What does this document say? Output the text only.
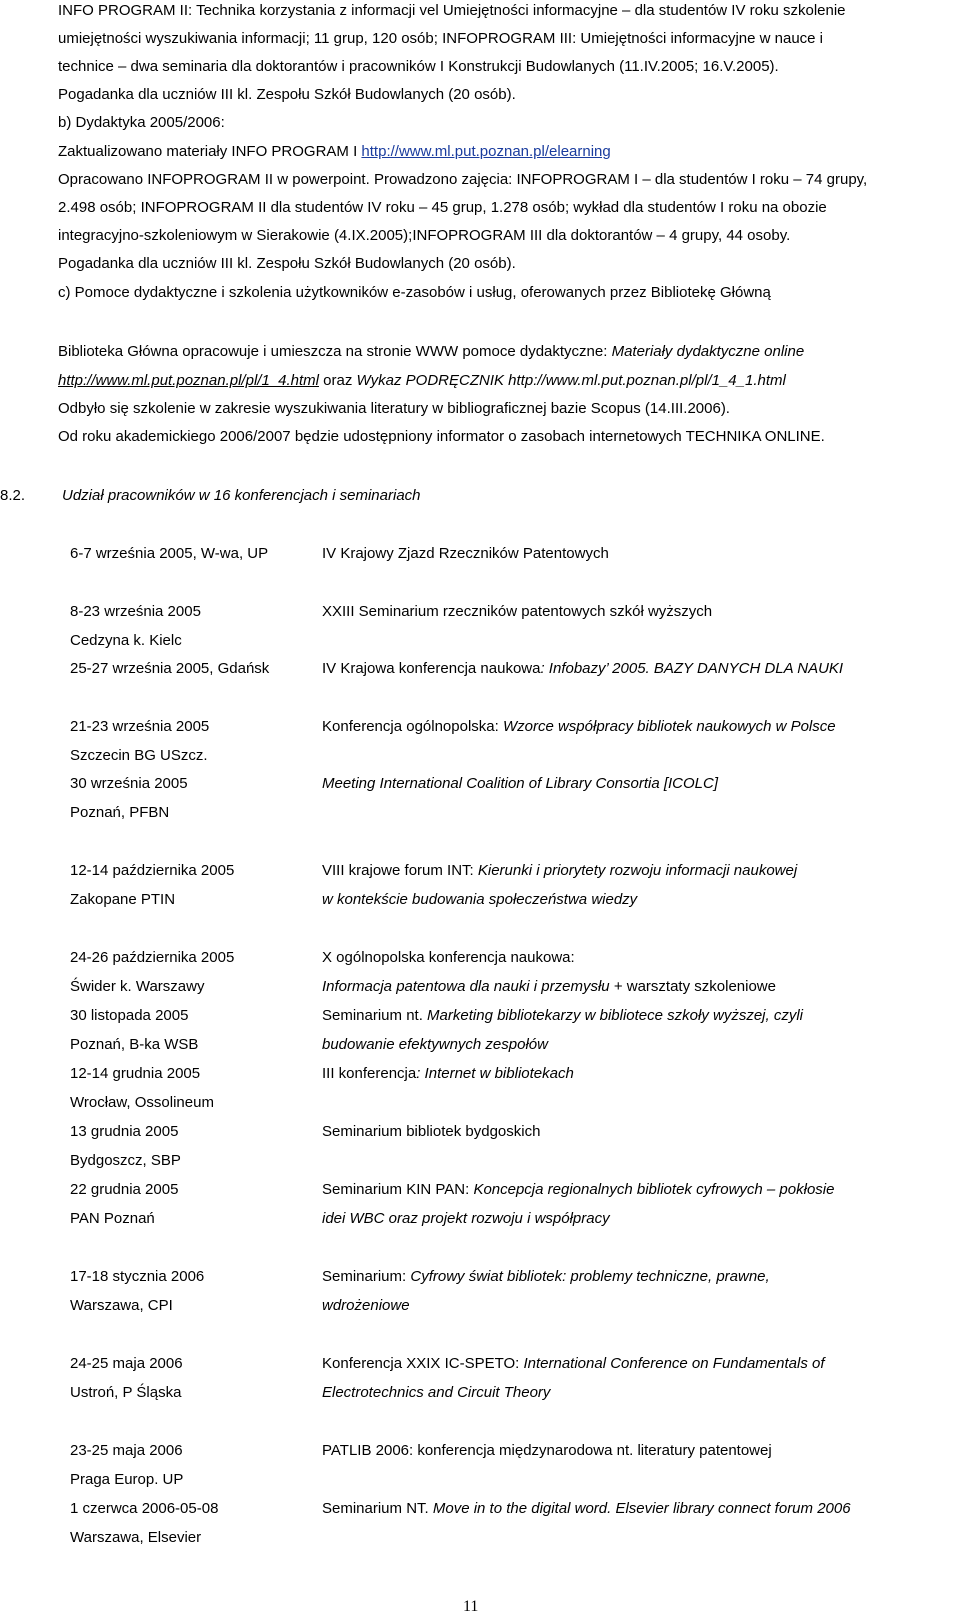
INFO PROGRAM II: Technika korzystania z informacji vel Umiejętności informacyjne – dla studentów IV roku szkolenie
umiejętności wyszukiwania informacji; 11 grup, 120 osób; INFOPROGRAM III: Umiejętności informacyjne w nauce i
technice – dwa seminaria dla doktorantów i pracowników I Konstrukcji Budowlanych (11.IV.2005; 16.V.2005).
Pogadanka dla uczniów III kl. Zespołu Szkół Budowlanych (20 osób).
b) Dydaktyka 2005/2006:
Zaktualizowano materiały INFO PROGRAM I http://www.ml.put.poznan.pl/elearning
Opracowano INFOPROGRAM II w powerpoint. Prowadzono zajęcia: INFOPROGRAM I – dla studentów I roku – 74 grupy,
2.498 osób; INFOPROGRAM II dla studentów IV roku – 45 grup, 1.278 osób; wykład dla studentów I roku na obozie
integracyjno-szkoleniowym w Sierakowie (4.IX.2005);INFOPROGRAM III dla doktorantów – 4 grupy, 44 osoby.
Pogadanka dla uczniów III kl. Zespołu Szkół Budowlanych (20 osób).
c) Pomoce dydaktyczne i szkolenia użytkowników e-zasobów i usług, oferowanych przez Bibliotekę Główną
Biblioteka Główna opracowuje i umieszcza na stronie WWW pomoce dydaktyczne: Materiały dydaktyczne online
http://www.ml.put.poznan.pl/pl/1_4.html oraz Wykaz PODRĘCZNIK http://www.ml.put.poznan.pl/pl/1_4_1.html
Odbyło się szkolenie w zakresie wyszukiwania literatury w bibliograficznej bazie Scopus (14.III.2006).
Od roku akademickiego 2006/2007 będzie udostępniony informator o zasobach internetowych TECHNIKA ONLINE.
8.2. Udział pracowników w 16 konferencjach i seminariach
6-7 września 2005, W-wa, UP	IV Krajowy Zjazd Rzeczników Patentowych
8-23 września 2005	XXIII Seminarium rzeczników patentowych szkół wyższych
Cedzyna k. Kielc
25-27 września 2005, Gdańsk	IV Krajowa konferencja naukowa: Infobazy’ 2005. BAZY DANYCH DLA NAUKI
21-23 września 2005	Konferencja ogólnopolska: Wzorce współpracy bibliotek naukowych w Polsce
Szczecin BG USzcz.
30 września 2005	Meeting International Coalition of Library Consortia [ICOLC]
Poznań, PFBN
12-14 października 2005	VIII krajowe forum INT: Kierunki i priorytety rozwoju informacji naukowej
Zakopane PTIN	w kontekście budowania społeczeństwa wiedzy
24-26 października 2005	X ogólnopolska konferencja naukowa:
Świder k. Warszawy	Informacja patentowa dla nauki i przemysłu + warsztaty szkoleniowe
30 listopada 2005	Seminarium nt. Marketing bibliotekarzy w bibliotece szkoły wyższej, czyli
Poznań, B-ka WSB	budowanie efektywnych zespołów
12-14 grudnia 2005	III konferencja: Internet w bibliotekach
Wrocław, Ossolineum
13 grudnia 2005	Seminarium bibliotek bydgoskich
Bydgoszcz, SBP
22 grudnia 2005	Seminarium KIN PAN: Koncepcja regionalnych bibliotek cyfrowych – pokłosie
PAN Poznań	idei WBC oraz projekt rozwoju i współpracy
17-18 stycznia 2006	Seminarium: Cyfrowy świat bibliotek: problemy techniczne, prawne,
Warszawa, CPI	wdrożeniowe
24-25 maja 2006	Konferencja XXIX IC-SPETO: International Conference on Fundamentals of
Ustroń, P Śląska	Electrotechnics and Circuit Theory
23-25 maja 2006	PATLIB 2006: konferencja międzynarodowa nt. literatury patentowej
Praga Europ. UP
1 czerwca 2006-05-08	Seminarium NT. Move in to the digital word. Elsevier library connect forum 2006
Warszawa, Elsevier
11
